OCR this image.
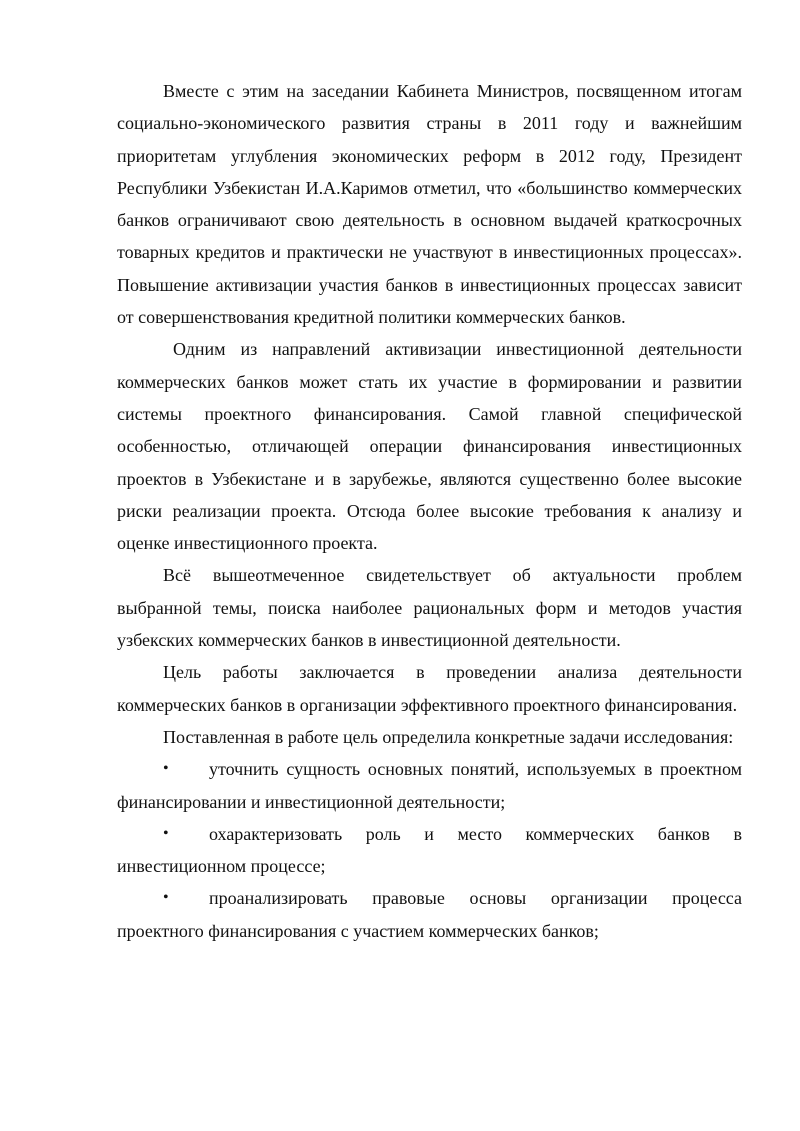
Вместе с этим на заседании Кабинета Министров, посвященном итогам социально-экономического развития страны в 2011 году и важнейшим приоритетам углубления экономических реформ в 2012 году, Президент Республики Узбекистан И.А.Каримов отметил, что «большинство коммерческих банков ограничивают свою деятельность в основном выдачей краткосрочных товарных кредитов и практически не участвуют в инвестиционных процессах». Повышение активизации участия банков в инвестиционных процессах зависит от совершенствования кредитной политики коммерческих банков.

Одним из направлений активизации инвестиционной деятельности коммерческих банков может стать их участие в формировании и развитии системы проектного финансирования. Самой главной специфической особенностью, отличающей операции финансирования инвестиционных проектов в Узбекистане и в зарубежье, являются существенно более высокие риски реализации проекта. Отсюда более высокие требования к анализу и оценке инвестиционного проекта.

Всё вышеотмеченное свидетельствует об актуальности проблем выбранной темы, поиска наиболее рациональных форм и методов участия узбекских коммерческих банков в инвестиционной деятельности.

Цель работы заключается в проведении анализа деятельности коммерческих банков в организации эффективного проектного финансирования.

Поставленная в работе цель определила конкретные задачи исследования:

• уточнить сущность основных понятий, используемых в проектном финансировании и инвестиционной деятельности;

• охарактеризовать роль и место коммерческих банков в инвестиционном процессе;

• проанализировать правовые основы организации процесса проектного финансирования с участием коммерческих банков;
